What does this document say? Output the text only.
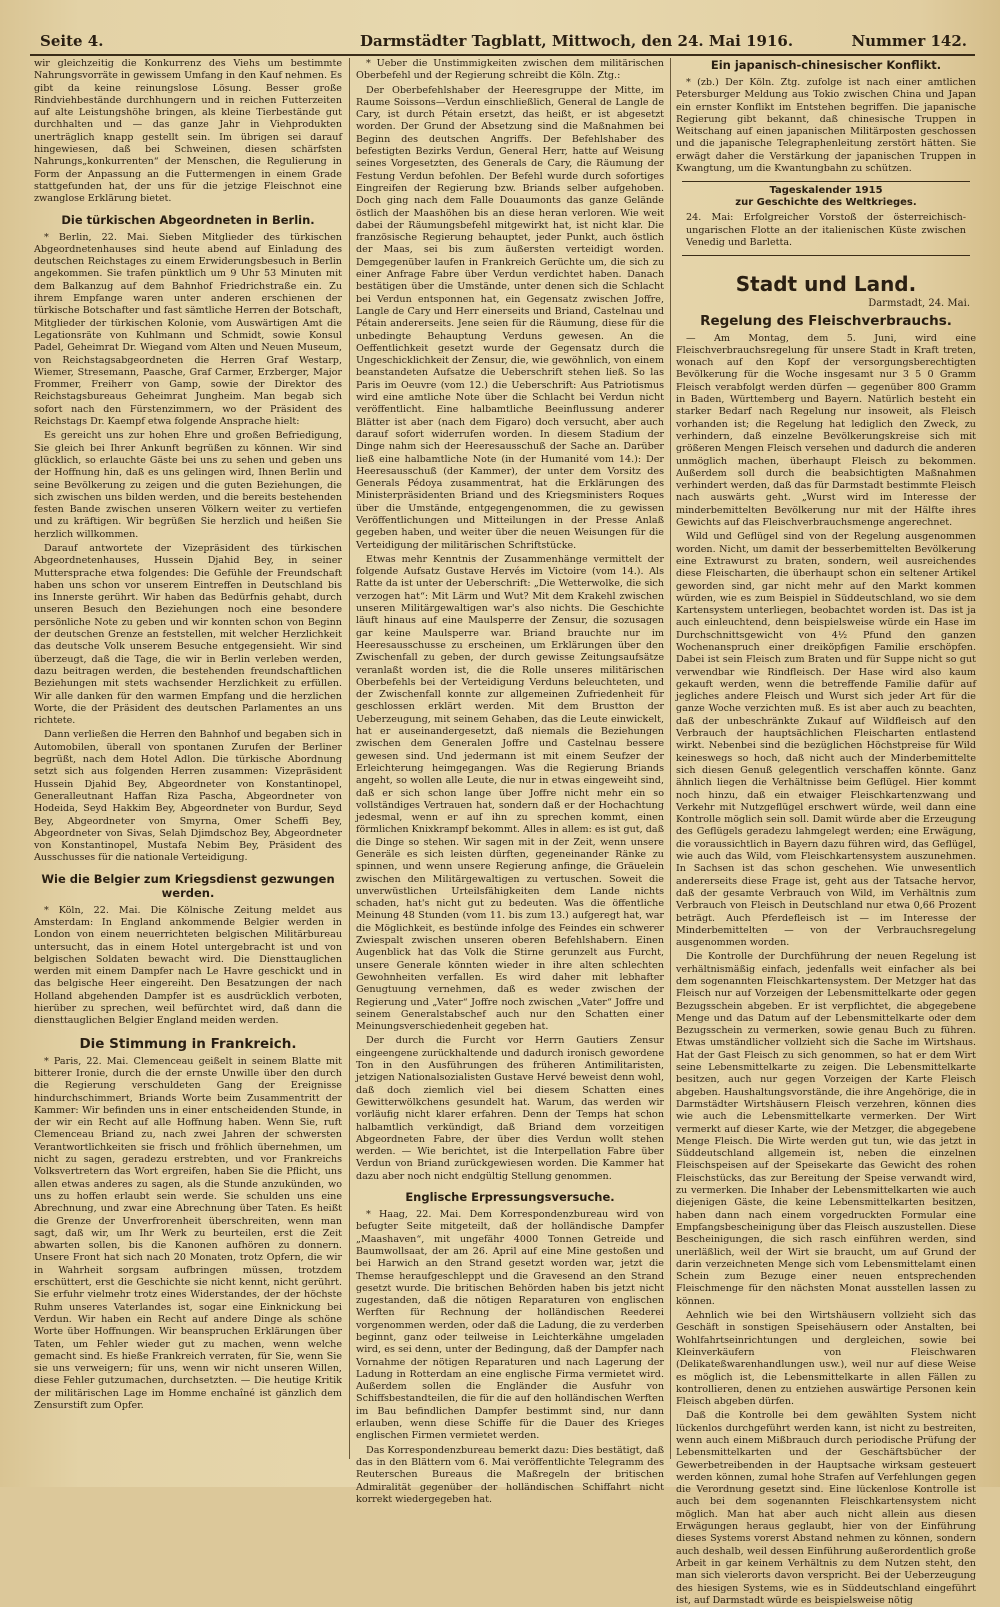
Seite 4.	Darmstädter Tagblatt, Mittwoch, den 24. Mai 1916.	Nummer 142.

wir gleichzeitig die Konkurrenz des Viehs um bestimmte Nahrungsvorräte in gewissem Umfang in den Kauf nehmen. Es gibt da keine reinungslose Lösung. Besser große Rindviehbestände durchhungern und in reichen Futterzeiten auf alte Leistungshöhe bringen, als kleine Tierbestände gut durchhalten und — das ganze Jahr in Viehprodukten unerträglich knapp gestellt sein. Im übrigen sei darauf hingewiesen, daß bei Schweinen, diesen schärfsten Nahrungs„konkurrenten“ der Menschen, die Regulierung in Form der Anpassung an die Futtermengen in einem Grade stattgefunden hat, der uns für die jetzige Fleischnot eine zwanglose Erklärung bietet.

Die türkischen Abgeordneten in Berlin.

* Berlin, 22. Mai. Sieben Mitglieder des türkischen Abgeordnetenhauses sind heute abend auf Einladung des deutschen Reichstages zu einem Erwiderungsbesuch in Berlin angekommen. Sie trafen pünktlich um 9 Uhr 53 Minuten mit dem Balkanzug auf dem Bahnhof Friedrichstraße ein. Zu ihrem Empfange waren unter anderen erschienen der türkische Botschafter und fast sämtliche Herren der Botschaft, Mitglieder der türkischen Kolonie, vom Auswärtigen Amt die Legationsräte von Kuhlmann und Schmidt, sowie Konsul Padel, Geheimrat Dr. Wiegand vom Alten und Neuen Museum, von Reichstagsabgeordneten die Herren Graf Westarp, Wiemer, Stresemann, Paasche, Graf Carmer, Erzberger, Major Frommer, Freiherr von Gamp, sowie der Direktor des Reichstagsbureaus Geheimrat Jungheim. Man begab sich sofort nach den Fürstenzimmern, wo der Präsident des Reichstags Dr. Kaempf etwa folgende Ansprache hielt:

Es gereicht uns zur hohen Ehre und großen Befriedigung, Sie gleich bei Ihrer Ankunft begrüßen zu können. Wir sind glücklich, so erlauchte Gäste bei uns zu sehen und geben uns der Hoffnung hin, daß es uns gelingen wird, Ihnen Berlin und seine Bevölkerung zu zeigen und die guten Beziehungen, die sich zwischen uns bilden werden, und die bereits bestehenden festen Bande zwischen unseren Völkern weiter zu vertiefen und zu kräftigen. Wir begrüßen Sie herzlich und heißen Sie herzlich willkommen.

Darauf antwortete der Vizepräsident des türkischen Abgeordnetenhauses, Hussein Djahid Bey, in seiner Muttersprache etwa folgendes: Die Gefühle der Freundschaft haben uns schon vor unserem Eintreffen in Deutschland bis ins Innerste gerührt. Wir haben das Bedürfnis gehabt, durch unseren Besuch den Beziehungen noch eine besondere persönliche Note zu geben und wir konnten schon von Beginn der deutschen Grenze an feststellen, mit welcher Herzlichkeit das deutsche Volk unserem Besuche entgegensieht. Wir sind überzeugt, daß die Tage, die wir in Berlin verleben werden, dazu beitragen werden, die bestehenden freundschaftlichen Beziehungen mit stets wachsender Herzlichkeit zu erfüllen. Wir alle danken für den warmen Empfang und die herzlichen Worte, die der Präsident des deutschen Parlamentes an uns richtete.

Dann verließen die Herren den Bahnhof und begaben sich in Automobilen, überall von spontanen Zurufen der Berliner begrüßt, nach dem Hotel Adlon. Die türkische Abordnung setzt sich aus folgenden Herren zusammen: Vizepräsident Hussein Djahid Bey, Abgeordneter von Konstantinopel, Generalleutnant Haffan Riza Pascha, Abgeordneter von Hodeida, Seyd Hakkim Bey, Abgeordneter von Burdur, Seyd Bey, Abgeordneter von Smyrna, Omer Scheffi Bey, Abgeordneter von Sivas, Selah Djimdschoz Bey, Abgeordneter von Konstantinopel, Mustafa Nebim Bey, Präsident des Ausschusses für die nationale Verteidigung.

Wie die Belgier zum Kriegsdienst gezwungen werden.

* Köln, 22. Mai. Die Kölnische Zeitung meldet aus Amsterdam: In England ankommende Belgier werden in London von einem neuerrichteten belgischen Militärbureau untersucht, das in einem Hotel untergebracht ist und von belgischen Soldaten bewacht wird. Die Diensttauglichen werden mit einem Dampfer nach Le Havre geschickt und in das belgische Heer eingereiht. Den Besatzungen der nach Holland abgehenden Dampfer ist es ausdrücklich verboten, hierüber zu sprechen, weil befürchtet wird, daß dann die diensttauglichen Belgier England meiden werden.

Die Stimmung in Frankreich.

* Paris, 22. Mai. Clemenceau geißelt in seinem Blatte mit bitterer Ironie, durch die der ernste Unwille über den durch die Regierung verschuldeten Gang der Ereignisse hindurchschimmert, Briands Worte beim Zusammentritt der Kammer: Wir befinden uns in einer entscheidenden Stunde, in der wir ein Recht auf alle Hoffnung haben. Wenn Sie, ruft Clemenceau Briand zu, nach zwei Jahren der schwersten Verantwortlichkeiten sie frisch und fröhlich übernehmen, um nicht zu sagen, geradezu erstrebten, und vor Frankreichs Volksvertretern das Wort ergreifen, haben Sie die Pflicht, uns allen etwas anderes zu sagen, als die Stunde anzukünden, wo uns zu hoffen erlaubt sein werde. Sie schulden uns eine Abrechnung, und zwar eine Abrechnung über Taten. Es heißt die Grenze der Unverfrorenheit überschreiten, wenn man sagt, daß wir, um Ihr Werk zu beurteilen, erst die Zeit abwarten sollen, bis die Kanonen aufhören zu donnern. Unsere Front hat sich nach 20 Monaten, trotz Opfern, die wir in Wahrheit sorgsam aufbringen müssen, trotzdem erschüttert, erst die Geschichte sie nicht kennt, nicht gerührt. Sie erfuhr vielmehr trotz eines Widerstandes, der der höchste Ruhm unseres Vaterlandes ist, sogar eine Einknickung bei Verdun. Wir haben ein Recht auf andere Dinge als schöne Worte über Hoffnungen. Wir beanspruchen Erklärungen über Taten, um Fehler wieder gut zu machen, wenn welche gemacht sind. Es hieße Frankreich verraten, für Sie, wenn Sie sie uns verweigern; für uns, wenn wir nicht unseren Willen, diese Fehler gutzumachen, durchsetzten. — Die heutige Kritik der militärischen Lage im Homme enchaîné ist gänzlich dem Zensurstift zum Opfer.

* Ueber die Unstimmigkeiten zwischen dem militärischen Oberbefehl und der Regierung schreibt die Köln. Ztg.:

Der Oberbefehlshaber der Heeresgruppe der Mitte, im Raume Soissons—Verdun einschließlich, General de Langle de Cary, ist durch Pétain ersetzt, das heißt, er ist abgesetzt worden. Der Grund der Absetzung sind die Maßnahmen bei Beginn des deutschen Angriffs. Der Befehlshaber des befestigten Bezirks Verdun, General Herr, hatte auf Weisung seines Vorgesetzten, des Generals de Cary, die Räumung der Festung Verdun befohlen. Der Befehl wurde durch sofortiges Eingreifen der Regierung bzw. Briands selber aufgehoben. Doch ging nach dem Falle Douaumonts das ganze Gelände östlich der Maashöhen bis an diese heran verloren. Wie weit dabei der Räumungsbefehl mitgewirkt hat, ist nicht klar. Die französische Regierung behauptet, jeder Punkt, auch östlich der Maas, sei bis zum äußersten verteidigt worden. Demgegenüber laufen in Frankreich Gerüchte um, die sich zu einer Anfrage Fabre über Verdun verdichtet haben. Danach bestätigen über die Umstände, unter denen sich die Schlacht bei Verdun entsponnen hat, ein Gegensatz zwischen Joffre, Langle de Cary und Herr einerseits und Briand, Castelnau und Pétain andererseits. Jene seien für die Räumung, diese für die unbedingte Behauptung Verduns gewesen. An die Oeffentlichkeit gesetzt wurde der Gegensatz durch die Ungeschicklichkeit der Zensur, die, wie gewöhnlich, von einem beanstandeten Aufsatze die Ueberschrift stehen ließ. So las Paris im Oeuvre (vom 12.) die Ueberschrift: Aus Patriotismus wird eine amtliche Note über die Schlacht bei Verdun nicht veröffentlicht. Eine halbamtliche Beeinflussung anderer Blätter ist aber (nach dem Figaro) doch versucht, aber auch darauf sofort widerrufen worden. In diesem Stadium der Dinge nahm sich der Heeresausschuß der Sache an. Darüber ließ eine halbamtliche Note (in der Humanité vom 14.): Der Heeresausschuß (der Kammer), der unter dem Vorsitz des Generals Pédoya zusammentrat, hat die Erklärungen des Ministerpräsidenten Briand und des Kriegsministers Roques über die Umstände, entgegengenommen, die zu gewissen Veröffentlichungen und Mitteilungen in der Presse Anlaß gegeben haben, und weiter über die neuen Weisungen für die Verteidigung der militärischen Schriftstücke.

Etwas mehr Kenntnis der Zusammenhänge vermittelt der folgende Aufsatz Gustave Hervés im Victoire (vom 14.). Als Ratte da ist unter der Ueberschrift: „Die Wetterwolke, die sich verzogen hat“: Mit Lärm und Wut? Mit dem Krakehl zwischen unseren Militärgewaltigen war's also nichts. Die Geschichte läuft hinaus auf eine Maulsperre der Zensur, die sozusagen gar keine Maulsperre war. Briand brauchte nur im Heeresausschusse zu erscheinen, um Erklärungen über den Zwischenfall zu geben, der durch gewisse Zeitungsaufsätze veranlaßt worden ist, die die Rolle unseres militärischen Oberbefehls bei der Verteidigung Verduns beleuchteten, und der Zwischenfall konnte zur allgemeinen Zufriedenheit für geschlossen erklärt werden. Mit dem Brustton der Ueberzeugung, mit seinem Gehaben, das die Leute einwickelt, hat er auseinandergesetzt, daß niemals die Beziehungen zwischen dem Generalen Joffre und Castelnau bessere gewesen sind. Und jedermann ist mit einem Seufzer der Erleichterung heimgegangen. Was die Regierung Briands angeht, so wollen alle Leute, die nur in etwas eingeweiht sind, daß er sich schon lange über Joffre nicht mehr ein so vollständiges Vertrauen hat, sondern daß er der Hochachtung jedesmal, wenn er auf ihn zu sprechen kommt, einen förmlichen Knixkrampf bekommt. Alles in allem: es ist gut, daß die Dinge so stehen. Wir sagen mit in der Zeit, wenn unsere Generäle es sich leisten dürften, gegeneinander Ränke zu spinnen, und wenn unsere Regierung anfinge, die Gräuelein zwischen den Militärgewaltigen zu vertuschen. Soweit die unverwüstlichen Urteilsfähigkeiten dem Lande nichts schaden, hat's nicht gut zu bedeuten. Was die öffentliche Meinung 48 Stunden (vom 11. bis zum 13.) aufgeregt hat, war die Möglichkeit, es bestünde infolge des Feindes ein schwerer Zwiespalt zwischen unseren oberen Befehlshabern. Einen Augenblick hat das Volk die Stirne gerunzelt aus Furcht, unsere Generale könnten wieder in ihre alten schlechten Gewohnheiten verfallen. Es wird daher mit lebhafter Genugtuung vernehmen, daß es weder zwischen der Regierung und „Vater“ Joffre noch zwischen „Vater“ Joffre und seinem Generalstabschef auch nur den Schatten einer Meinungsverschiedenheit gegeben hat.

Der durch die Furcht vor Herrn Gautiers Zensur eingeengene zurückhaltende und dadurch ironisch gewordene Ton in den Ausführungen des früheren Antimilitaristen, jetzigen Nationalsozialisten Gustave Hervé beweist denn wohl, daß doch ziemlich viel bei diesem Schatten eines Gewitterwölkchens gesundelt hat. Warum, das werden wir vorläufig nicht klarer erfahren. Denn der Temps hat schon halbamtlich verkündigt, daß Briand dem vorzeitigen Abgeordneten Fabre, der über dies Verdun wollt stehen werden. — Wie berichtet, ist die Interpellation Fabre über Verdun von Briand zurückgewiesen worden. Die Kammer hat dazu aber noch nicht endgültig Stellung genommen.

Englische Erpressungsversuche.

* Haag, 22. Mai. Dem Korrespondenzbureau wird von befugter Seite mitgeteilt, daß der holländische Dampfer „Maashaven“, mit ungefähr 4000 Tonnen Getreide und Baumwollsaat, der am 26. April auf eine Mine gestoßen und bei Harwich an den Strand gesetzt worden war, jetzt die Themse heraufgeschleppt und die Gravesend an den Strand gesetzt wurde. Die britischen Behörden haben bis jetzt nicht zugestanden, daß die nötigen Reparaturen von englischen Werften für Rechnung der holländischen Reederei vorgenommen werden, oder daß die Ladung, die zu verderben beginnt, ganz oder teilweise in Leichterkähne umgeladen wird, es sei denn, unter der Bedingung, daß der Dampfer nach Vornahme der nötigen Reparaturen und nach Lagerung der Ladung in Rotterdam an eine englische Firma vermietet wird. Außerdem sollen die Engländer die Ausfuhr von Schiffsbestandteilen, die für die auf den holländischen Werften im Bau befindlichen Dampfer bestimmt sind, nur dann erlauben, wenn diese Schiffe für die Dauer des Krieges englischen Firmen vermietet werden.

Das Korrespondenzbureau bemerkt dazu: Dies bestätigt, daß das in den Blättern vom 6. Mai veröffentlichte Telegramm des Reuterschen Bureaus die Maßregeln der britischen Admiralität gegenüber der holländischen Schiffahrt nicht korrekt wiedergegeben hat.

Ein japanisch-chinesischer Konflikt.

* (zb.) Der Köln. Ztg. zufolge ist nach einer amtlichen Petersburger Meldung aus Tokio zwischen China und Japan ein ernster Konflikt im Entstehen begriffen. Die japanische Regierung gibt bekannt, daß chinesische Truppen in Weitschang auf einen japanischen Militärposten geschossen und die japanische Telegraphenleitung zerstört hätten. Sie erwägt daher die Verstärkung der japanischen Truppen in Kwangtung, um die Kwantungbahn zu schützen.

Tageskalender 1915
zur Geschichte des Weltkrieges.

24. Mai: Erfolgreicher Vorstoß der österreichisch-ungarischen Flotte an der italienischen Küste zwischen Venedig und Barletta.

Stadt und Land.
Darmstadt, 24. Mai.
Regelung des Fleischverbrauchs.

— Am Montag, dem 5. Juni, wird eine Fleischverbrauchsregelung für unsere Stadt in Kraft treten, wonach auf den Kopf der versorgungsberechtigten Bevölkerung für die Woche insgesamt nur 3 5 0 Gramm Fleisch verabfolgt werden dürfen — gegenüber 800 Gramm in Baden, Württemberg und Bayern. Natürlich besteht ein starker Bedarf nach Regelung nur insoweit, als Fleisch vorhanden ist; die Regelung hat lediglich den Zweck, zu verhindern, daß einzelne Bevölkerungskreise sich mit größeren Mengen Fleisch versehen und dadurch die anderen unmöglich machen, überhaupt Fleisch zu bekommen. Außerdem soll durch die beabsichtigten Maßnahmen verhindert werden, daß das für Darmstadt bestimmte Fleisch nach auswärts geht. „Wurst wird im Interesse der minderbemittelten Bevölkerung nur mit der Hälfte ihres Gewichts auf das Fleischverbrauchsmenge angerechnet.

Wild und Geflügel sind von der Regelung ausgenommen worden. Nicht, um damit der besserbemittelten Bevölkerung eine Extrawurst zu braten, sondern, weil ausreichendes diese Fleischarten, die überhaupt schon ein seltener Artikel geworden sind, gar nicht mehr auf den Markt kommen würden, wie es zum Beispiel in Süddeutschland, wo sie dem Kartensystem unterliegen, beobachtet worden ist. Das ist ja auch einleuchtend, denn beispielsweise würde ein Hase im Durchschnittsgewicht von 4½ Pfund den ganzen Wochenanspruch einer dreiköpfigen Familie erschöpfen. Dabei ist sein Fleisch zum Braten und für Suppe nicht so gut verwendbar wie Rindfleisch. Der Hase wird also kaum gekauft werden, wenn die betreffende Familie dafür auf jegliches andere Fleisch und Wurst sich jeder Art für die ganze Woche verzichten muß. Es ist aber auch zu beachten, daß der unbeschränkte Zukauf auf Wildfleisch auf den Verbrauch der hauptsächlichen Fleischarten entlastend wirkt. Nebenbei sind die bezüglichen Höchstpreise für Wild keineswegs so hoch, daß nicht auch der Minderbemittelte sich diesen Genuß gelegentlich verschaffen könnte. Ganz ähnlich liegen die Verhältnisse beim Geflügel. Hier kommt noch hinzu, daß ein etwaiger Fleischkartenzwang und Verkehr mit Nutzgeflügel erschwert würde, weil dann eine Kontrolle möglich sein soll. Damit würde aber die Erzeugung des Geflügels geradezu lahmgelegt werden; eine Erwägung, die voraussichtlich in Bayern dazu führen wird, das Geflügel, wie auch das Wild, vom Fleischkartensystem auszunehmen. In Sachsen ist das schon geschehen. Wie unwesentlich andererseits diese Frage ist, geht aus der Tatsache hervor, daß der gesamte Verbrauch von Wild, im Verhältnis zum Verbrauch von Fleisch in Deutschland nur etwa 0,66 Prozent beträgt. Auch Pferdefleisch ist — im Interesse der Minderbemittelten — von der Verbrauchsregelung ausgenommen worden.

Die Kontrolle der Durchführung der neuen Regelung ist verhältnismäßig einfach, jedenfalls weit einfacher als bei dem sogenannten Fleischkartensystem. Der Metzger hat das Fleisch nur auf Vorzeigen der Lebensmittelkarte oder gegen Bezugsschein abgeben. Er ist verpflichtet, die abgegebene Menge und das Datum auf der Lebensmittelkarte oder dem Bezugsschein zu vermerken, sowie genau Buch zu führen. Etwas umständlicher vollzieht sich die Sache im Wirtshaus. Hat der Gast Fleisch zu sich genommen, so hat er dem Wirt seine Lebensmittelkarte zu zeigen. Die Lebensmittelkarte besitzen, auch nur gegen Vorzeigen der Karte Fleisch abgeben. Haushaltungsvorstände, die ihre Angehörige, die in Darmstädter Wirtshäusern Fleisch verzehren, können dies wie auch die Lebensmittelkarte vermerken. Der Wirt vermerkt auf dieser Karte, wie der Metzger, die abgegebene Menge Fleisch. Die Wirte werden gut tun, wie das jetzt in Süddeutschland allgemein ist, neben die einzelnen Fleischspeisen auf der Speisekarte das Gewicht des rohen Fleischstücks, das zur Bereitung der Speise verwandt wird, zu vermerken. Die Inhaber der Lebensmittelkarten wie auch diejenigen Gäste, die keine Lebensmittelkarten besitzen, haben dann nach einem vorgedruckten Formular eine Empfangsbescheinigung über das Fleisch auszustellen. Diese Bescheinigungen, die sich rasch einführen werden, sind unerläßlich, weil der Wirt sie braucht, um auf Grund der darin verzeichneten Menge sich vom Lebensmittelamt einen Schein zum Bezuge einer neuen entsprechenden Fleischmenge für den nächsten Monat ausstellen lassen zu können.

Aehnlich wie bei den Wirtshäusern vollzieht sich das Geschäft in sonstigen Speisehäusern oder Anstalten, bei Wohlfahrtseinrichtungen und dergleichen, sowie bei Kleinverkäufern von Fleischwaren (Delikateßwarenhandlungen usw.), weil nur auf diese Weise es möglich ist, die Lebensmittelkarte in allen Fällen zu kontrollieren, denen zu entziehen auswärtige Personen kein Fleisch abgeben dürfen.

Daß die Kontrolle bei dem gewählten System nicht lückenlos durchgeführt werden kann, ist nicht zu bestreiten, wenn auch einem Mißbrauch durch periodische Prüfung der Lebensmittelkarten und der Geschäftsbücher der Gewerbetreibenden in der Hauptsache wirksam gesteuert werden können, zumal hohe Strafen auf Verfehlungen gegen die Verordnung gesetzt sind. Eine lückenlose Kontrolle ist auch bei dem sogenannten Fleischkartensystem nicht möglich. Man hat aber auch nicht allein aus diesen Erwägungen heraus geglaubt, hier von der Einführung dieses Systems vorerst Abstand nehmen zu können, sondern auch deshalb, weil dessen Einführung außerordentlich große Arbeit in gar keinem Verhältnis zu dem Nutzen steht, den man sich vielerorts davon verspricht. Bei der Ueberzeugung des hiesigen Systems, wie es in Süddeutschland eingeführt ist, auf Darmstadt würde es beispielsweise nötig
